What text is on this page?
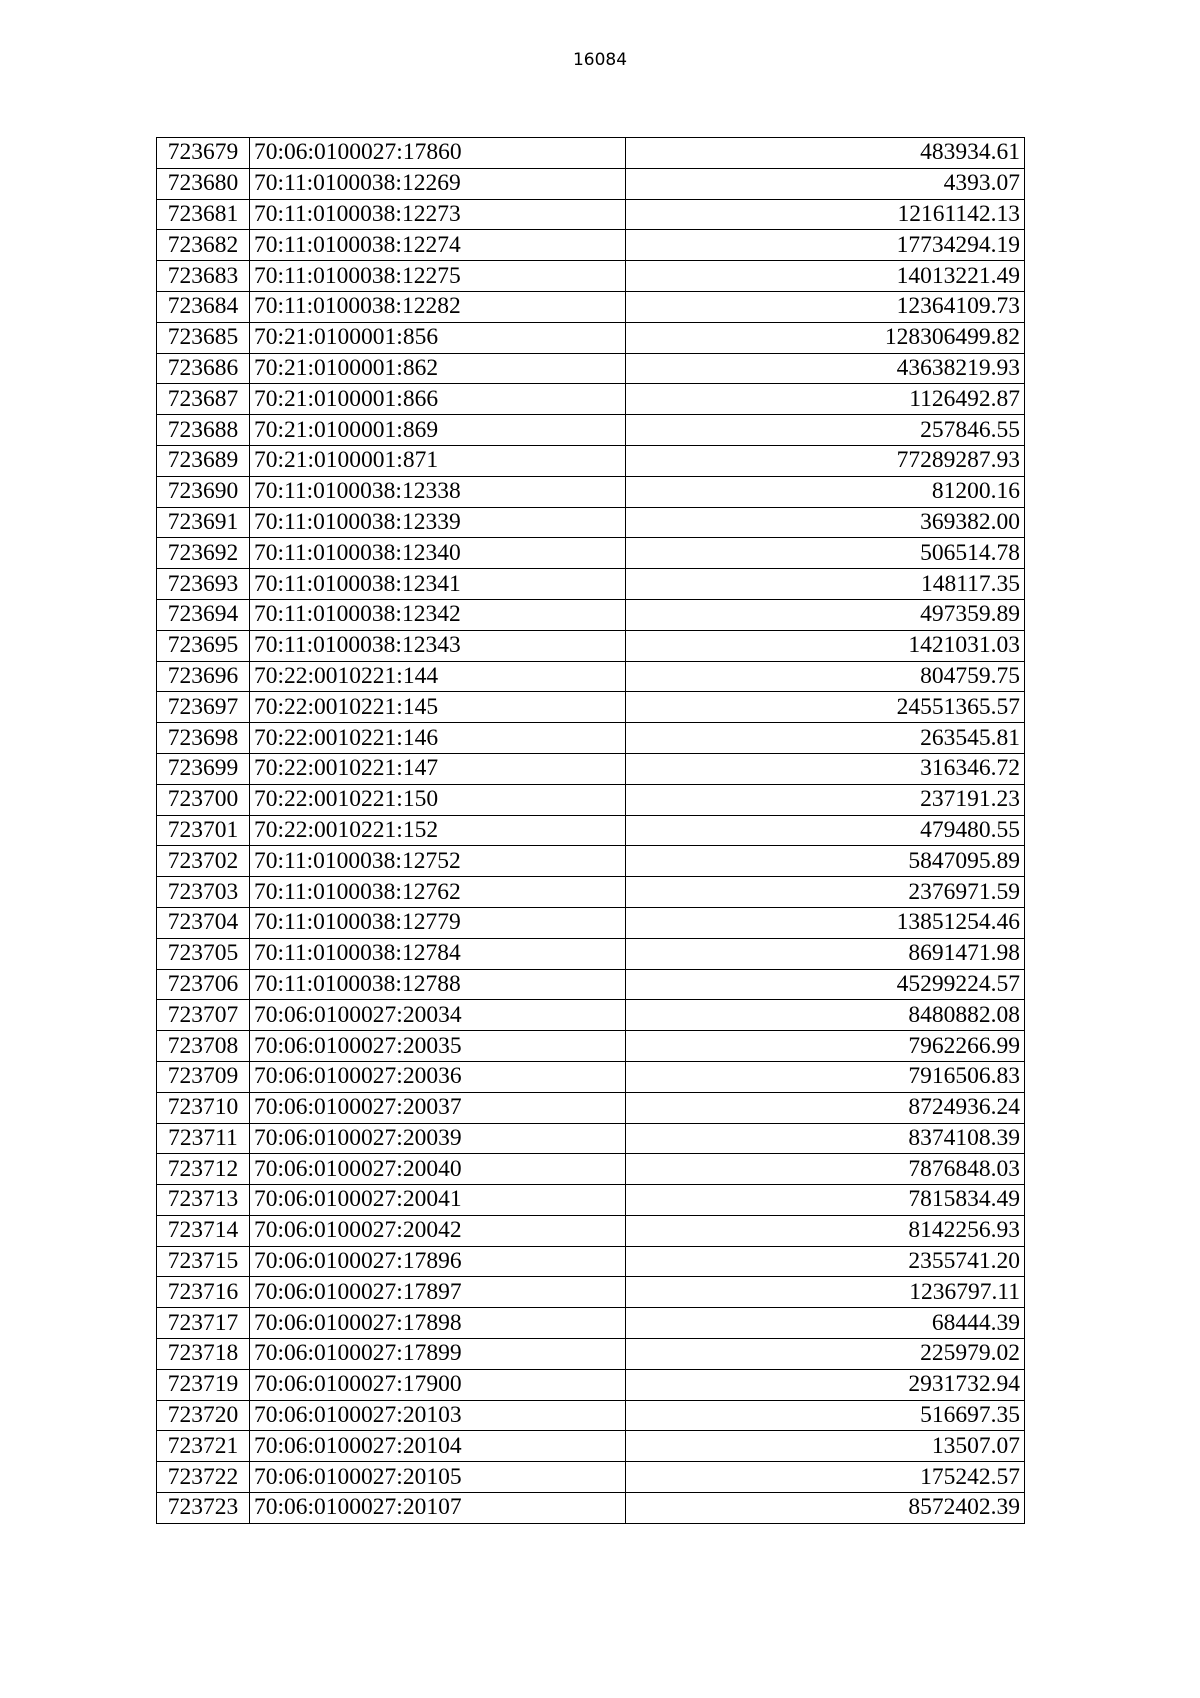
16084
723679	70:06:0100027:17860	483934.61
723680	70:11:0100038:12269	4393.07
723681	70:11:0100038:12273	12161142.13
723682	70:11:0100038:12274	17734294.19
723683	70:11:0100038:12275	14013221.49
723684	70:11:0100038:12282	12364109.73
723685	70:21:0100001:856	128306499.82
723686	70:21:0100001:862	43638219.93
723687	70:21:0100001:866	1126492.87
723688	70:21:0100001:869	257846.55
723689	70:21:0100001:871	77289287.93
723690	70:11:0100038:12338	81200.16
723691	70:11:0100038:12339	369382.00
723692	70:11:0100038:12340	506514.78
723693	70:11:0100038:12341	148117.35
723694	70:11:0100038:12342	497359.89
723695	70:11:0100038:12343	1421031.03
723696	70:22:0010221:144	804759.75
723697	70:22:0010221:145	24551365.57
723698	70:22:0010221:146	263545.81
723699	70:22:0010221:147	316346.72
723700	70:22:0010221:150	237191.23
723701	70:22:0010221:152	479480.55
723702	70:11:0100038:12752	5847095.89
723703	70:11:0100038:12762	2376971.59
723704	70:11:0100038:12779	13851254.46
723705	70:11:0100038:12784	8691471.98
723706	70:11:0100038:12788	45299224.57
723707	70:06:0100027:20034	8480882.08
723708	70:06:0100027:20035	7962266.99
723709	70:06:0100027:20036	7916506.83
723710	70:06:0100027:20037	8724936.24
723711	70:06:0100027:20039	8374108.39
723712	70:06:0100027:20040	7876848.03
723713	70:06:0100027:20041	7815834.49
723714	70:06:0100027:20042	8142256.93
723715	70:06:0100027:17896	2355741.20
723716	70:06:0100027:17897	1236797.11
723717	70:06:0100027:17898	68444.39
723718	70:06:0100027:17899	225979.02
723719	70:06:0100027:17900	2931732.94
723720	70:06:0100027:20103	516697.35
723721	70:06:0100027:20104	13507.07
723722	70:06:0100027:20105	175242.57
723723	70:06:0100027:20107	8572402.39
